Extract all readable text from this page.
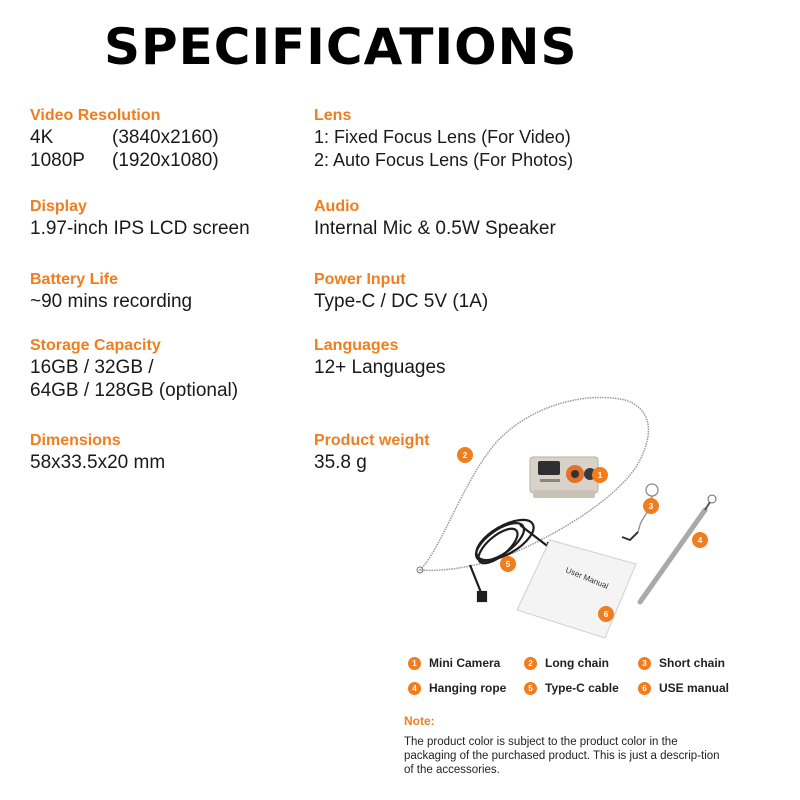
SPECIFICATIONS
Video Resolution
4K	(3840x2160)
1080P	(1920x1080)
Display
1.97-inch IPS LCD screen
Battery Life
~90 mins recording
Storage Capacity
16GB / 32GB /
64GB / 128GB (optional)
Dimensions
58x33.5x20 mm
Lens
1: Fixed Focus Lens (For Video)
2: Auto Focus Lens (For Photos)
Audio
Internal Mic & 0.5W Speaker
Power Input
Type-C / DC 5V (1A)
Languages
12+ Languages
Product weight
35.8 g
User Manual
1
2
3
4
5
6
1	Mini Camera	2	Long chain	3	Short chain
4	Hanging rope	5	Type-C cable	6	USE manual
Note:
The product color is subject to the product color in the packaging of the purchased product. This is just a descrip-tion of the accessories.
